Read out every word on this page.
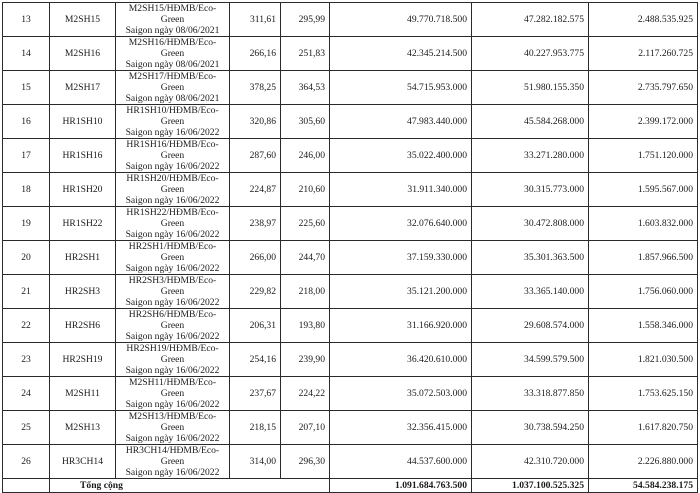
13	M2SH15	M2SH15/HĐMB/Eco-Green
Saigon ngày 08/06/2021	311,61	295,99	49.770.718.500	47.282.182.575	2.488.535.925
14	M2SH16	M2SH16/HĐMB/Eco-Green
Saigon ngày 08/06/2021	266,16	251,83	42.345.214.500	40.227.953.775	2.117.260.725
15	M2SH17	M2SH17/HĐMB/Eco-Green
Saigon ngày 08/06/2021	378,25	364,53	54.715.953.000	51.980.155.350	2.735.797.650
16	HR1SH10	HR1SH10/HĐMB/Eco-Green
Saigon ngày 16/06/2022	320,86	305,60	47.983.440.000	45.584.268.000	2.399.172.000
17	HR1SH16	HR1SH16/HĐMB/Eco-Green
Saigon ngày 16/06/2022	287,60	246,00	35.022.400.000	33.271.280.000	1.751.120.000
18	HR1SH20	HR1SH20/HĐMB/Eco-Green
Saigon ngày 16/06/2022	224,87	210,60	31.911.340.000	30.315.773.000	1.595.567.000
19	HR1SH22	HR1SH22/HĐMB/Eco-Green
Saigon ngày 16/06/2022	238,97	225,60	32.076.640.000	30.472.808.000	1.603.832.000
20	HR2SH1	HR2SH1/HĐMB/Eco-Green
Saigon ngày 16/06/2022	266,00	244,70	37.159.330.000	35.301.363.500	1.857.966.500
21	HR2SH3	HR2SH3/HĐMB/Eco-Green
Saigon ngày 16/06/2022	229,82	218,00	35.121.200.000	33.365.140.000	1.756.060.000
22	HR2SH6	HR2SH6/HĐMB/Eco-Green
Saigon ngày 16/06/2022	206,31	193,80	31.166.920.000	29.608.574.000	1.558.346.000
23	HR2SH19	HR2SH19/HĐMB/Eco-Green
Saigon ngày 16/06/2022	254,16	239,90	36.420.610.000	34.599.579.500	1.821.030.500
24	M2SH11	M2SH11/HĐMB/Eco-Green
Saigon ngày 16/06/2022	237,67	224,22	35.072.503.000	33.318.877.850	1.753.625.150
25	M2SH13	M2SH13/HĐMB/Eco-Green
Saigon ngày 16/06/2022	218,15	207,10	32.356.415.000	30.738.594.250	1.617.820.750
26	HR3CH14	HR3CH14/HĐMB/Eco-Green
Saigon ngày 16/06/2022	314,00	296,30	44.537.600.000	42.310.720.000	2.226.880.000
	Tổng cộng				1.091.684.763.500	1.037.100.525.325	54.584.238.175
